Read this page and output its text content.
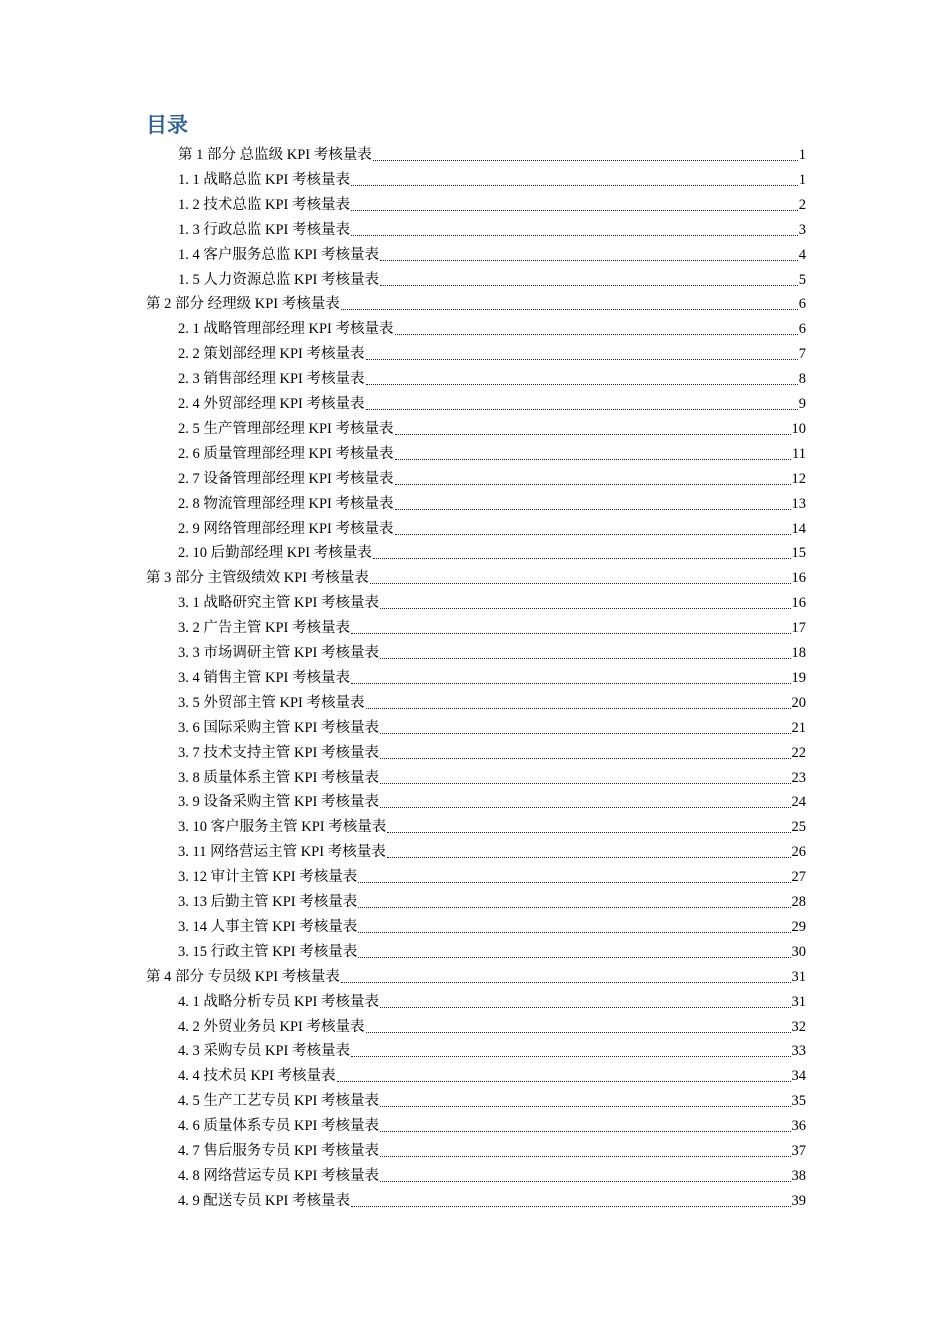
目录
第 1 部分 总监级 KPI 考核量表	1
1. 1 战略总监 KPI 考核量表	1
1. 2 技术总监 KPI 考核量表	2
1. 3 行政总监 KPI 考核量表	3
1. 4 客户服务总监 KPI 考核量表	4
1. 5 人力资源总监 KPI 考核量表	5
第 2 部分 经理级 KPI 考核量表	6
2. 1 战略管理部经理 KPI 考核量表	6
2. 2 策划部经理 KPI 考核量表	7
2. 3 销售部经理 KPI 考核量表	8
2. 4 外贸部经理 KPI 考核量表	9
2. 5 生产管理部经理 KPI 考核量表	10
2. 6 质量管理部经理 KPI 考核量表	11
2. 7 设备管理部经理 KPI 考核量表	12
2. 8 物流管理部经理 KPI 考核量表	13
2. 9 网络管理部经理 KPI 考核量表	14
2. 10 后勤部经理 KPI 考核量表	15
第 3 部分 主管级绩效 KPI 考核量表	16
3. 1 战略研究主管 KPI 考核量表	16
3. 2 广告主管 KPI 考核量表	17
3. 3 市场调研主管 KPI 考核量表	18
3. 4 销售主管 KPI 考核量表	19
3. 5 外贸部主管 KPI 考核量表	20
3. 6 国际采购主管 KPI 考核量表	21
3. 7 技术支持主管 KPI 考核量表	22
3. 8 质量体系主管 KPI 考核量表	23
3. 9 设备采购主管 KPI 考核量表	24
3. 10 客户服务主管 KPI 考核量表	25
3. 11 网络营运主管 KPI 考核量表	26
3. 12 审计主管 KPI 考核量表	27
3. 13 后勤主管 KPI 考核量表	28
3. 14 人事主管 KPI 考核量表	29
3. 15 行政主管 KPI 考核量表	30
第 4 部分 专员级 KPI 考核量表	31
4. 1 战略分析专员 KPI 考核量表	31
4. 2 外贸业务员 KPI 考核量表	32
4. 3 采购专员 KPI 考核量表	33
4. 4 技术员 KPI 考核量表	34
4. 5 生产工艺专员 KPI 考核量表	35
4. 6 质量体系专员 KPI 考核量表	36
4. 7 售后服务专员 KPI 考核量表	37
4. 8 网络营运专员 KPI 考核量表	38
4. 9 配送专员 KPI 考核量表	39
